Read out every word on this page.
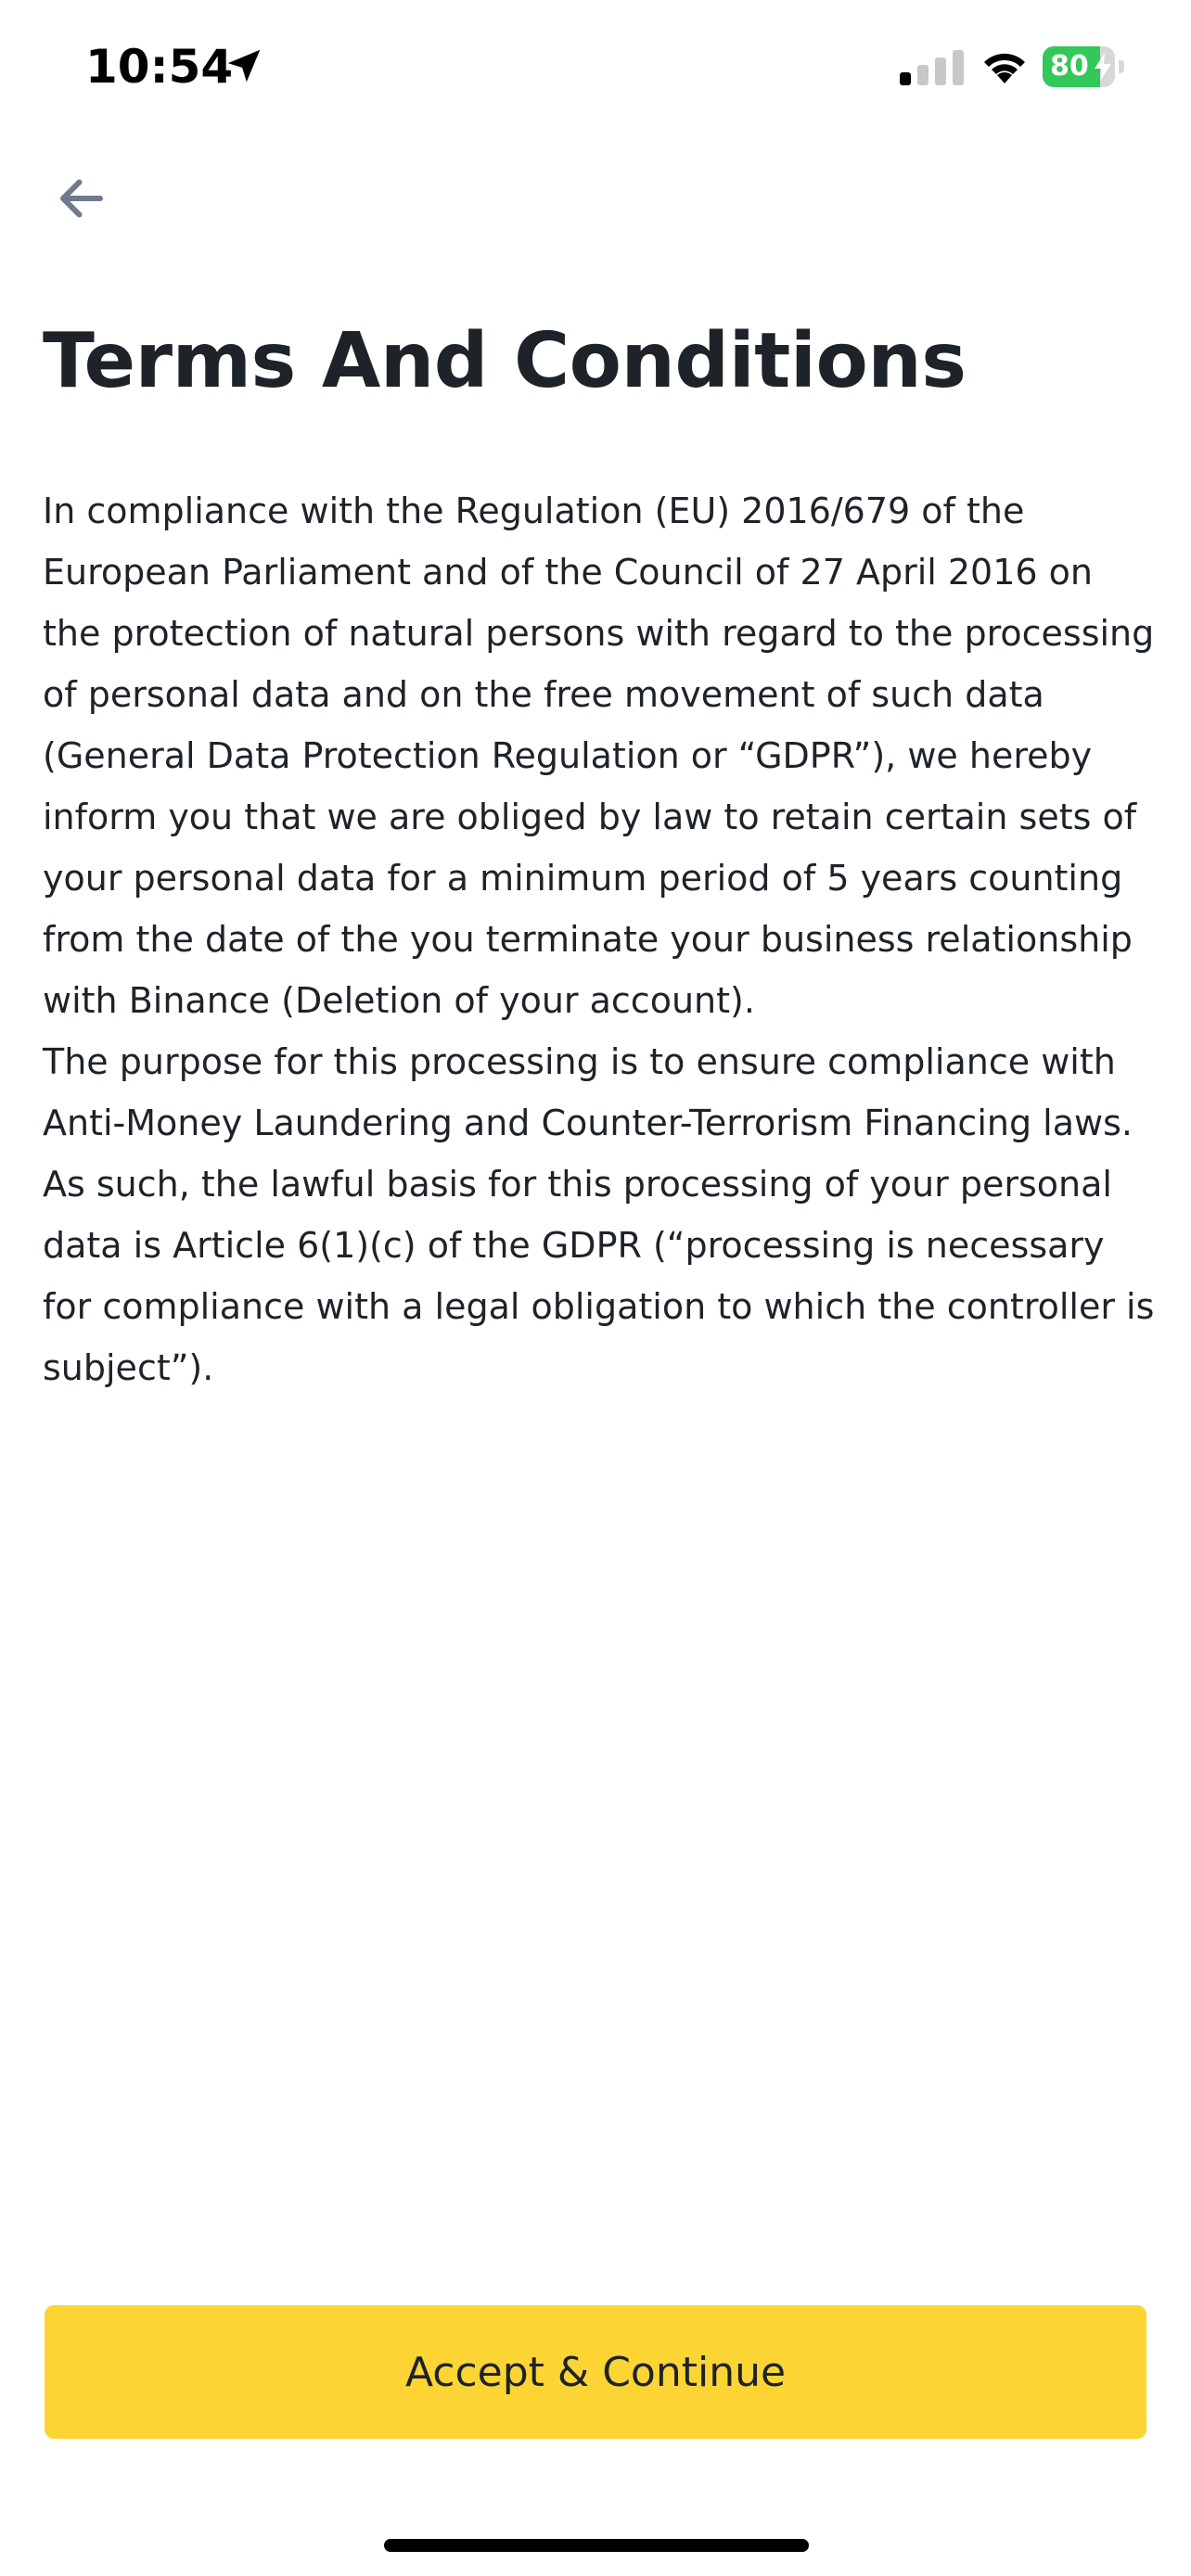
10:54	80
Terms And Conditions

In compliance with the Regulation (EU) 2016/679 of the European Parliament and of the Council of 27 April 2016 on the protection of natural persons with regard to the processing of personal data and on the free movement of such data (General Data Protection Regulation or “GDPR”), we hereby inform you that we are obliged by law to retain certain sets of your personal data for a minimum period of 5 years counting from the date of the you terminate your business relationship with Binance (Deletion of your account).

The purpose for this processing is to ensure compliance with Anti-Money Laundering and Counter-Terrorism Financing laws. As such, the lawful basis for this processing of your personal data is Article 6(1)(c) of the GDPR (“processing is necessary for compliance with a legal obligation to which the controller is subject”).

Accept & Continue
